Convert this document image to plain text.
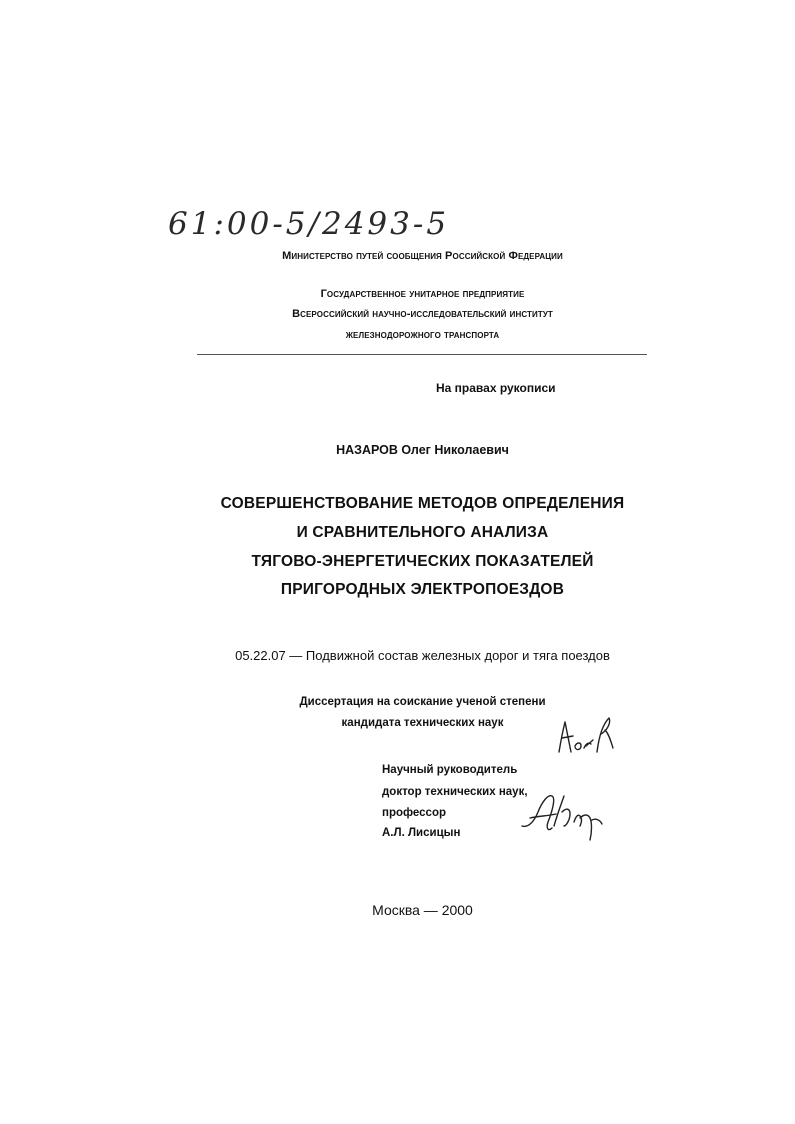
61:00-5/2493-5
Министерство путей сообщения Российской Федерации
Государственное унитарное предприятие
Всероссийский научно-исследовательский институт
железнодорожного транспорта
На правах рукописи
НАЗАРОВ Олег Николаевич
СОВЕРШЕНСТВОВАНИЕ МЕТОДОВ ОПРЕДЕЛЕНИЯ
И СРАВНИТЕЛЬНОГО АНАЛИЗА
ТЯГОВО-ЭНЕРГЕТИЧЕСКИХ ПОКАЗАТЕЛЕЙ
ПРИГОРОДНЫХ ЭЛЕКТРОПОЕЗДОВ
05.22.07 — Подвижной состав железных дорог и тяга поездов
Диссертация на соискание ученой степени
кандидата технических наук
Научный руководитель
доктор технических наук,
профессор
А.Л. Лисицын
Москва — 2000
